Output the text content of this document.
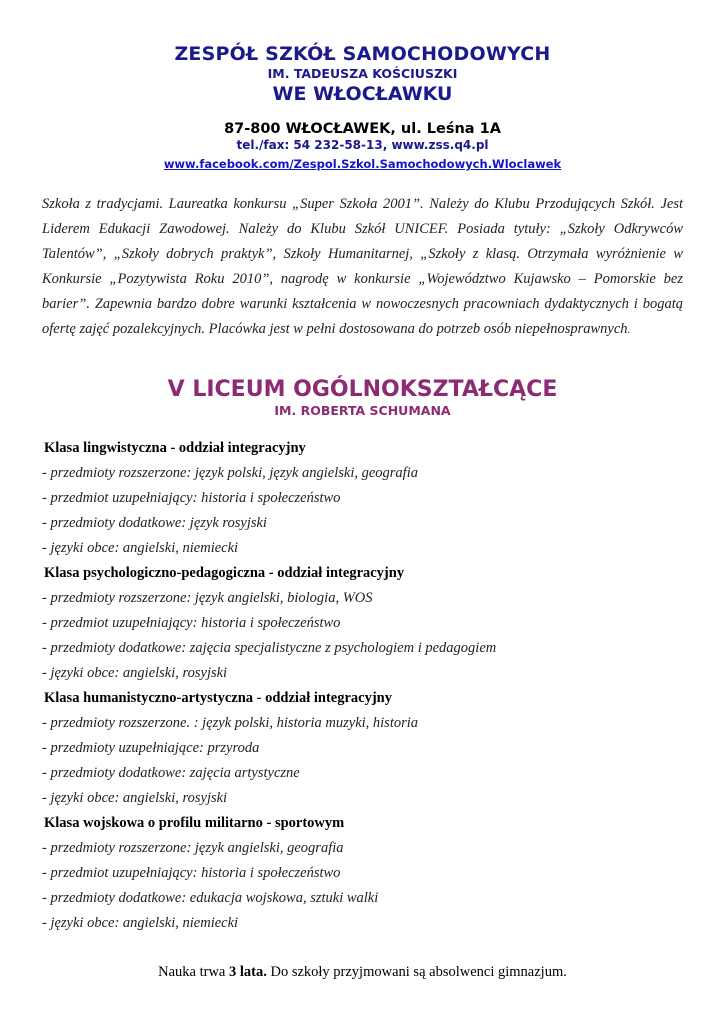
ZESPÓŁ SZKÓŁ SAMOCHODOWYCH
IM. TADEUSZA KOŚCIUSZKI
WE WŁOCŁAWKU
87-800 WŁOCŁAWEK, ul. Leśna 1A
tel./fax: 54 232-58-13, www.zss.q4.pl
www.facebook.com/Zespol.Szkol.Samochodowych.Wloclawek
Szkoła z tradycjami. Laureatka konkursu „Super Szkoła 2001”. Należy do Klubu Przodujących Szkół. Jest Liderem Edukacji Zawodowej. Należy do Klubu Szkół UNICEF. Posiada tytuły: „Szkoły Odkrywców Talentów”, „Szkoły dobrych praktyk”, Szkoły Humanitarnej, „Szkoły z klasą. Otrzymała wyróżnienie w Konkursie „Pozytywista Roku 2010”, nagrodę w konkursie „Województwo Kujawsko – Pomorskie bez barier”. Zapewnia bardzo dobre warunki kształcenia w nowoczesnych pracowniach dydaktycznych i bogatą ofertę zajęć pozalekcyjnych. Placówka jest w pełni dostosowana do potrzeb osób niepełnosprawnych.
V LICEUM OGÓLNOKSZTAŁCĄCE
IM. ROBERTA SCHUMANA
Klasa lingwistyczna - oddział integracyjny
- przedmioty rozszerzone: język polski, język angielski, geografia
- przedmiot uzupełniający: historia i społeczeństwo
- przedmioty dodatkowe: język rosyjski
- języki obce: angielski, niemiecki
Klasa psychologiczno-pedagogiczna - oddział integracyjny
- przedmioty rozszerzone: język angielski, biologia, WOS
- przedmiot uzupełniający: historia i społeczeństwo
- przedmioty dodatkowe: zajęcia specjalistyczne z psychologiem i pedagogiem
- języki obce: angielski, rosyjski
Klasa humanistyczno-artystyczna - oddział integracyjny
- przedmioty rozszerzone. : język polski, historia muzyki, historia
- przedmioty uzupełniające: przyroda
- przedmioty dodatkowe: zajęcia artystyczne
- języki obce: angielski, rosyjski
Klasa wojskowa o profilu militarno - sportowym
- przedmioty rozszerzone: język angielski, geografia
- przedmiot uzupełniający: historia i społeczeństwo
- przedmioty dodatkowe: edukacja wojskowa, sztuki walki
- języki obce: angielski, niemiecki
Nauka trwa 3 lata. Do szkoły przyjmowani są absolwenci gimnazjum.
